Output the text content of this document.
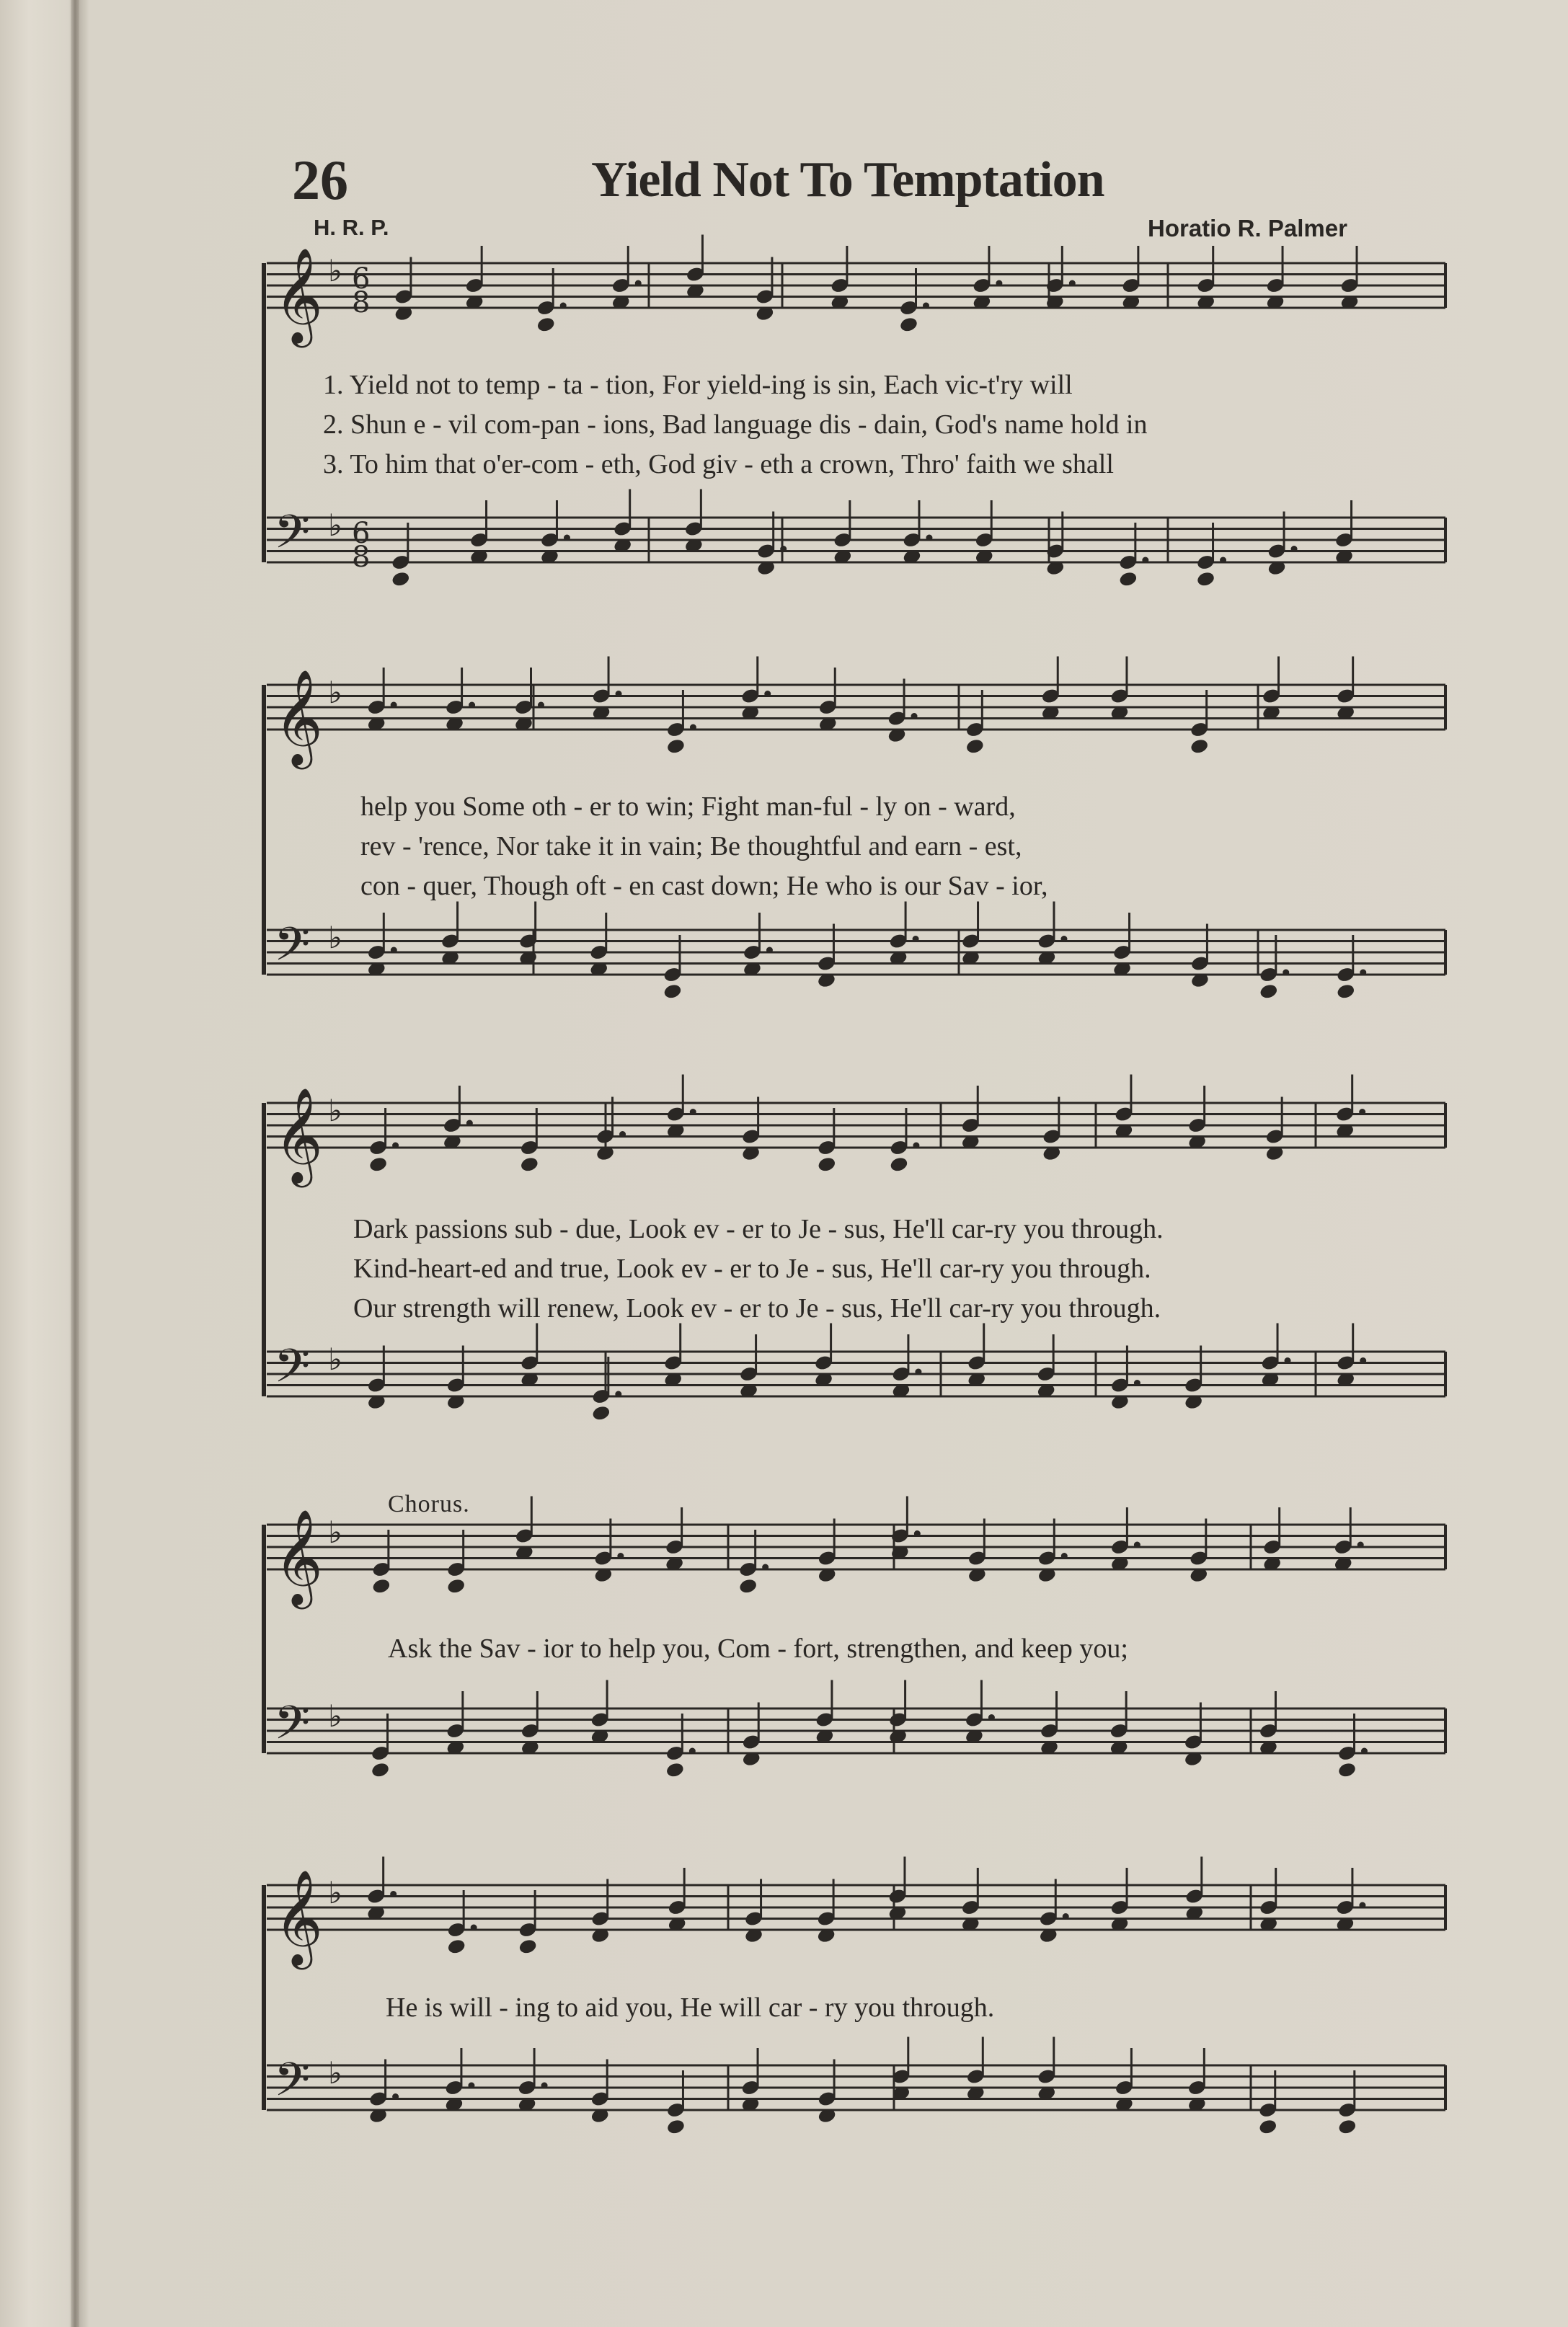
26	Yield Not To Temptation
H. R. P.	Horatio R. Palmer
𝄞 ♭ 6
8
𝄢 ♭ 6
8
𝄞 ♭
𝄢 ♭
𝄞 ♭
𝄢 ♭
𝄞 ♭
𝄢 ♭
𝄞 ♭
𝄢 ♭
1. Yield not to temp - ta - tion, For yield-ing is sin, Each vic-t'ry will
2. Shun e - vil com-pan - ions, Bad language dis - dain, God's name hold in
3. To him that o'er-com - eth, God giv - eth a crown, Thro' faith we shall
help you Some oth - er to win; Fight man-ful - ly on - ward,
rev - 'rence, Nor take it in vain; Be thoughtful and earn - est,
con - quer, Though oft - en cast down; He who is our Sav - ior,
Dark passions sub - due, Look ev - er to Je - sus, He'll car-ry you through.
Kind-heart-ed and true, Look ev - er to Je - sus, He'll car-ry you through.
Our strength will renew, Look ev - er to Je - sus, He'll car-ry you through.
Chorus.
Ask the Sav - ior to help you, Com - fort, strengthen, and keep you;
He is will - ing to aid you, He will car - ry you through.
